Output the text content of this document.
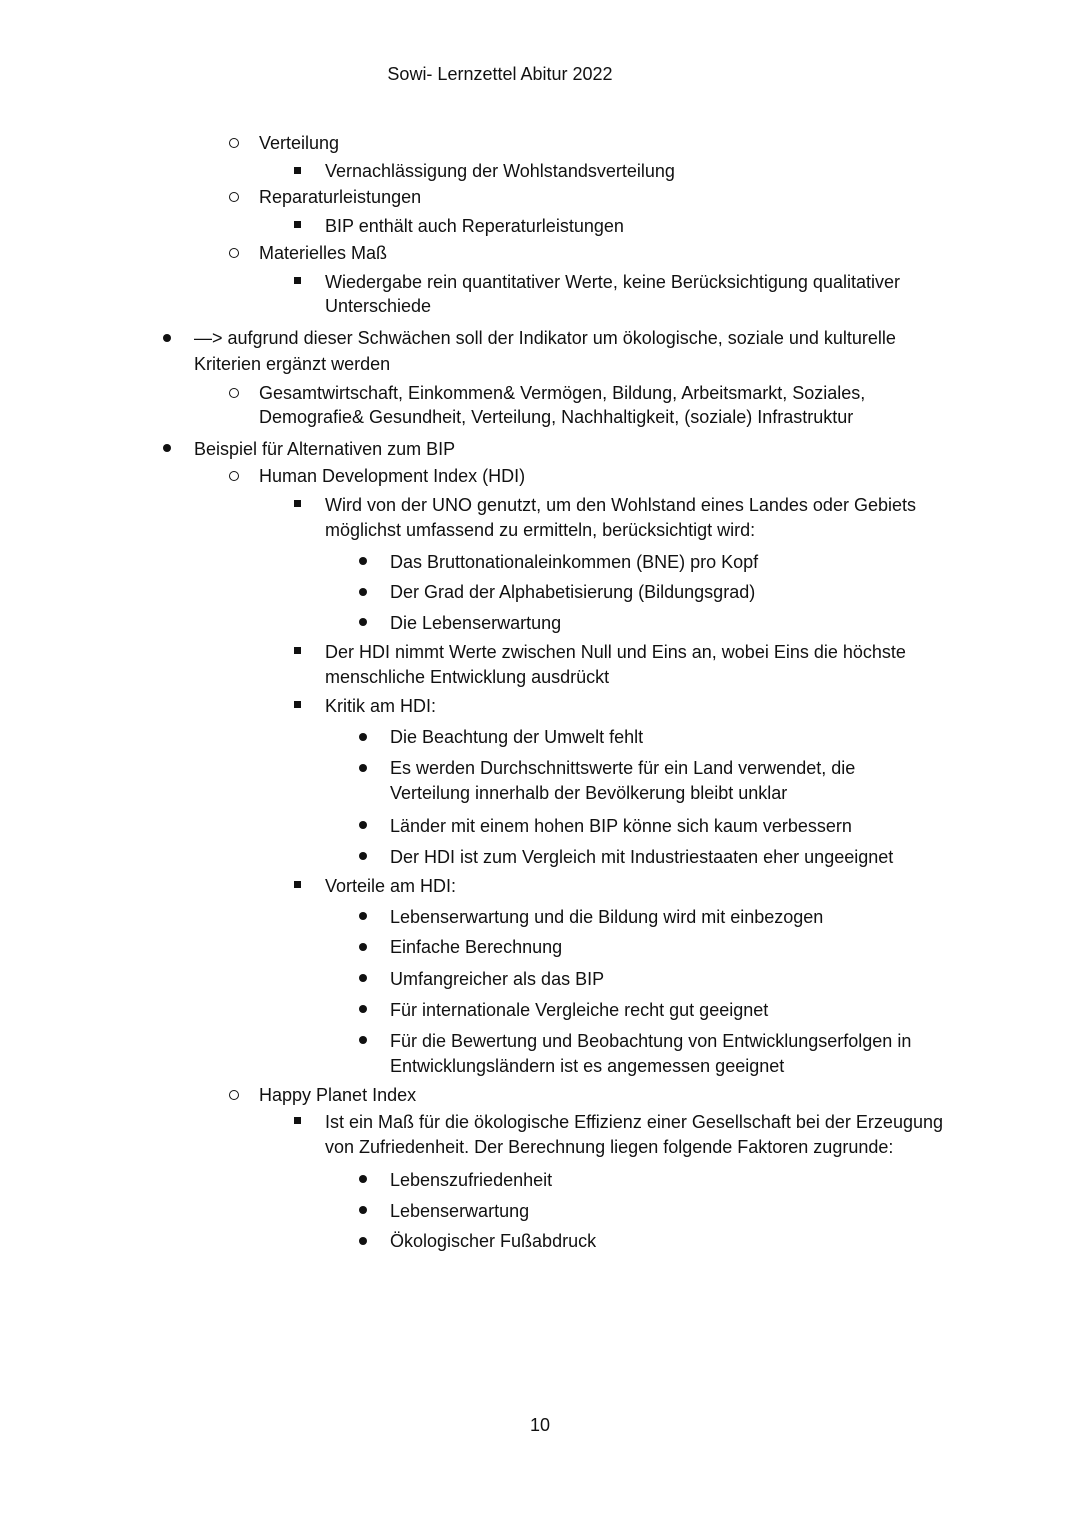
Sowi- Lernzettel Abitur 2022
Verteilung
Vernachlässigung der Wohlstandsverteilung
Reparaturleistungen
BIP enthält auch Reperaturleistungen
Materielles Maß
Wiedergabe rein quantitativer Werte, keine Berücksichtigung qualitativer
Unterschiede
—> aufgrund dieser Schwächen soll der Indikator um ökologische, soziale und kulturelle
Kriterien ergänzt werden
Gesamtwirtschaft, Einkommen& Vermögen, Bildung, Arbeitsmarkt, Soziales,
Demografie& Gesundheit, Verteilung, Nachhaltigkeit, (soziale) Infrastruktur
Beispiel für Alternativen zum BIP
Human Development Index (HDI)
Wird von der UNO genutzt, um den Wohlstand eines Landes oder Gebiets
möglichst umfassend zu ermitteln, berücksichtigt wird:
Das Bruttonationaleinkommen (BNE) pro Kopf
Der Grad der Alphabetisierung (Bildungsgrad)
Die Lebenserwartung
Der HDI nimmt Werte zwischen Null und Eins an, wobei Eins die höchste
menschliche Entwicklung ausdrückt
Kritik am HDI:
Die Beachtung der Umwelt fehlt
Es werden Durchschnittswerte für ein Land verwendet, die
Verteilung innerhalb der Bevölkerung bleibt unklar
Länder mit einem hohen BIP könne sich kaum verbessern
Der HDI ist zum Vergleich mit Industriestaaten eher ungeeignet
Vorteile am HDI:
Lebenserwartung und die Bildung wird mit einbezogen
Einfache Berechnung
Umfangreicher als das BIP
Für internationale Vergleiche recht gut geeignet
Für die Bewertung und Beobachtung von Entwicklungserfolgen in
Entwicklungsländern ist es angemessen geeignet
Happy Planet Index
Ist ein Maß für die ökologische Effizienz einer Gesellschaft bei der Erzeugung
von Zufriedenheit. Der Berechnung liegen folgende Faktoren zugrunde:
Lebenszufriedenheit
Lebenserwartung
Ökologischer Fußabdruck
10
